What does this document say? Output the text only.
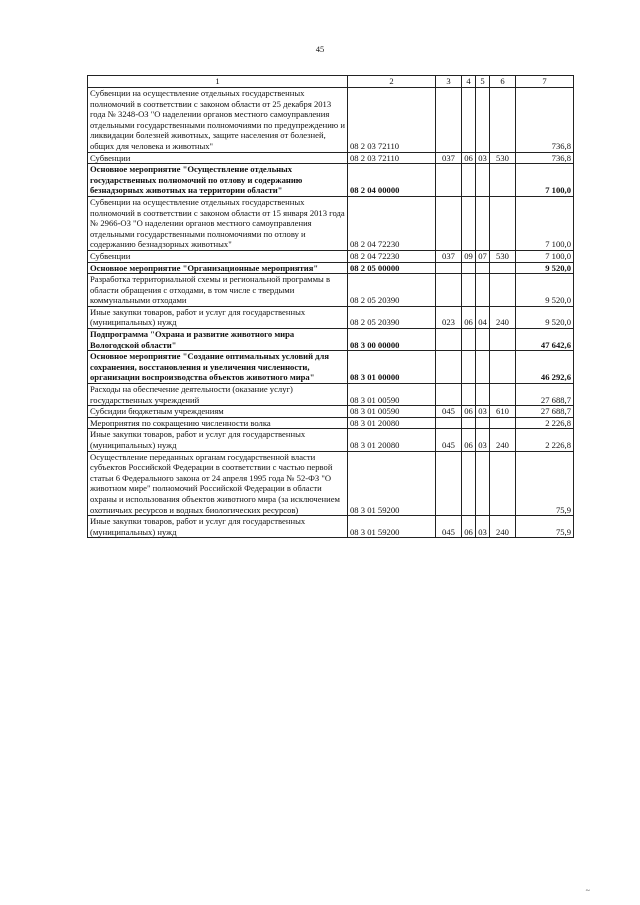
45
1	2	3	4	5	6	7
Субвенции на осуществление отдельных государственных полномочий в соответствии с законом области от 25 декабря 2013 года № 3248-ОЗ "О наделении органов местного самоуправления отдельными государственными полномочиями по предупреждению и ликвидации болезней животных, защите населения от болезней, общих для человека и животных"	08 2 03 72110					736,8
Субвенции	08 2 03 72110	037	06	03	530	736,8
Основное мероприятие "Осуществление отдельных государственных полномочий по отлову и содержанию безнадзорных животных на территории области"	08 2 04 00000					7 100,0
Субвенции на осуществление отдельных государственных полномочий в соответствии с законом области от 15 января 2013 года № 2966-ОЗ "О наделении органов местного самоуправления отдельными государственными полномочиями по отлову и содержанию безнадзорных животных"	08 2 04 72230					7 100,0
Субвенции	08 2 04 72230	037	09	07	530	7 100,0
Основное мероприятие "Организационные мероприятия"	08 2 05 00000					9 520,0
Разработка территориальной схемы и региональной программы в области обращения с отходами, в том числе с твердыми коммунальными отходами	08 2 05 20390					9 520,0
Иные закупки товаров, работ и услуг для государственных (муниципальных) нужд	08 2 05 20390	023	06	04	240	9 520,0
Подпрограмма "Охрана и развитие животного мира Вологодской области"	08 3 00 00000					47 642,6
Основное мероприятие "Создание оптимальных условий для сохранения, восстановления и увеличения численности, организации воспроизводства объектов животного мира"	08 3 01 00000					46 292,6
Расходы на обеспечение деятельности (оказание услуг) государственных учреждений	08 3 01 00590					27 688,7
Субсидии бюджетным учреждениям	08 3 01 00590	045	06	03	610	27 688,7
Мероприятия по сокращению численности волка	08 3 01 20080					2 226,8
Иные закупки товаров, работ и услуг для государственных (муниципальных) нужд	08 3 01 20080	045	06	03	240	2 226,8
Осуществление переданных органам государственной власти субъектов Российской Федерации в соответствии с частью первой статьи 6 Федерального закона от 24 апреля 1995 года № 52-ФЗ "О животном мире" полномочий Российской Федерации в области охраны и использования объектов животного мира (за исключением охотничьих ресурсов и водных биологических ресурсов)	08 3 01 59200					75,9
Иные закупки товаров, работ и услуг для государственных (муниципальных) нужд	08 3 01 59200	045	06	03	240	75,9
~
